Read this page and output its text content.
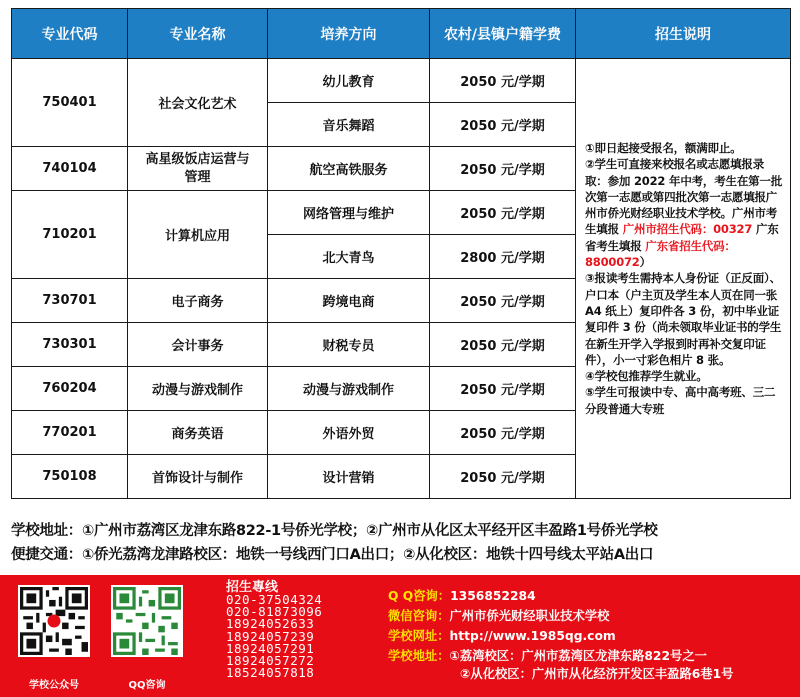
专业代码	专业名称	培养方向	农村/县镇户籍学费	招生说明
750401	社会文化艺术	幼儿教育	2050 元/学期	①即日起接受报名，额满即止。
②学生可直接来校报名或志愿填报录取：参加 2022 年中考，考生在第一批次第一志愿或第四批次第一志愿填报广州市侨光财经职业技术学校。广州市考生填报 广州市招生代码：00327 广东省考生填报 广东省招生代码：8800072）
③报读考生需持本人身份证（正反面）、户口本（户主页及学生本人页在同一张 A4 纸上）复印件各 3 份，初中毕业证复印件 3 份（尚未领取毕业证书的学生在新生开学入学报到时再补交复印证件），小一寸彩色相片 8 张。
④学校包推荐学生就业。
⑤学生可报读中专、高中高考班、三二分段普通大专班
		音乐舞蹈	2050 元/学期	
740104	高星级饭店运营与管理	航空高铁服务	2050 元/学期	
710201	计算机应用	网络管理与维护	2050 元/学期	
		北大青鸟	2800 元/学期	
730701	电子商务	跨境电商	2050 元/学期	
730301	会计事务	财税专员	2050 元/学期	
760204	动漫与游戏制作	动漫与游戏制作	2050 元/学期	
770201	商务英语	外语外贸	2050 元/学期	
750108	首饰设计与制作	设计营销	2050 元/学期	
学校地址：①广州市荔湾区龙津东路822-1号侨光学校；②广州市从化区太平经开区丰盈路1号侨光学校
便捷交通：①侨光荔湾龙津路校区：地铁一号线西门口A出口；②从化校区：地铁十四号线太平站A出口
学校公众号	QQ咨询
招生專线
020-37504324
020-81873096
18924052633
18924057239
18924057291
18924057272
18524057818
Q Q咨询：1356852284
微信咨询：广州市侨光财经职业技术学校
学校网址：http://www.1985qg.com
学校地址：①荔湾校区：广州市荔湾区龙津东路822号之一
②从化校区：广州市从化经济开发区丰盈路6巷1号
